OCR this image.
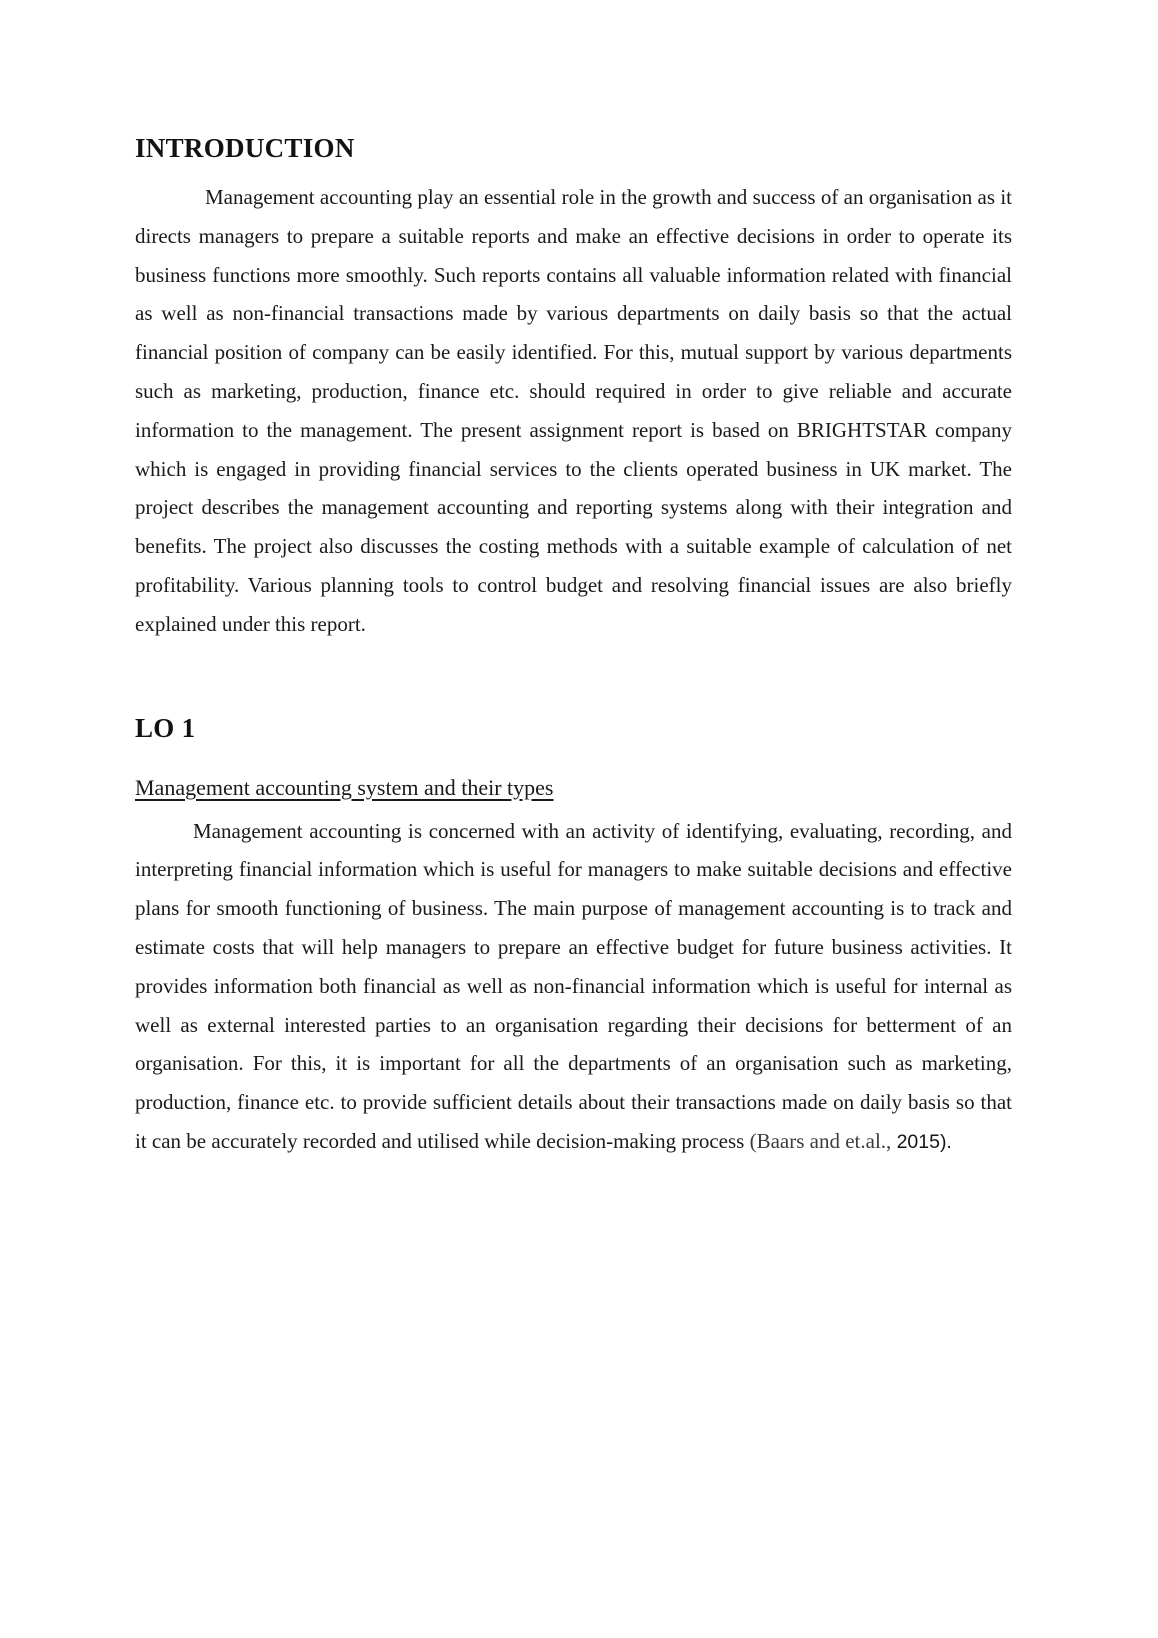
INTRODUCTION

Management accounting play an essential role in the growth and success of an organisation as it directs managers to prepare a suitable reports and make an effective decisions in order to operate its business functions more smoothly. Such reports contains all valuable information related with financial as well as non-financial transactions made by various departments on daily basis so that the actual financial position of company can be easily identified. For this, mutual support by various departments such as marketing, production, finance etc. should required in order to give reliable and accurate information to the management. The present assignment report is based on BRIGHTSTAR company which is engaged in providing financial services to the clients operated business in UK market. The project describes the management accounting and reporting systems along with their integration and benefits. The project also discusses the costing methods with a suitable example of calculation of net profitability. Various planning tools to control budget and resolving financial issues are also briefly explained under this report.

LO 1
Management accounting system and their types

Management accounting is concerned with an activity of identifying, evaluating, recording, and interpreting financial information which is useful for managers to make suitable decisions and effective plans for smooth functioning of business. The main purpose of management accounting is to track and estimate costs that will help managers to prepare an effective budget for future business activities. It provides information both financial as well as non-financial information which is useful for internal as well as external interested parties to an organisation regarding their decisions for betterment of an organisation. For this, it is important for all the departments of an organisation such as marketing, production, finance etc. to provide sufficient details about their transactions made on daily basis so that it can be accurately recorded and utilised while decision-making process (Baars and et.al., 2015).
